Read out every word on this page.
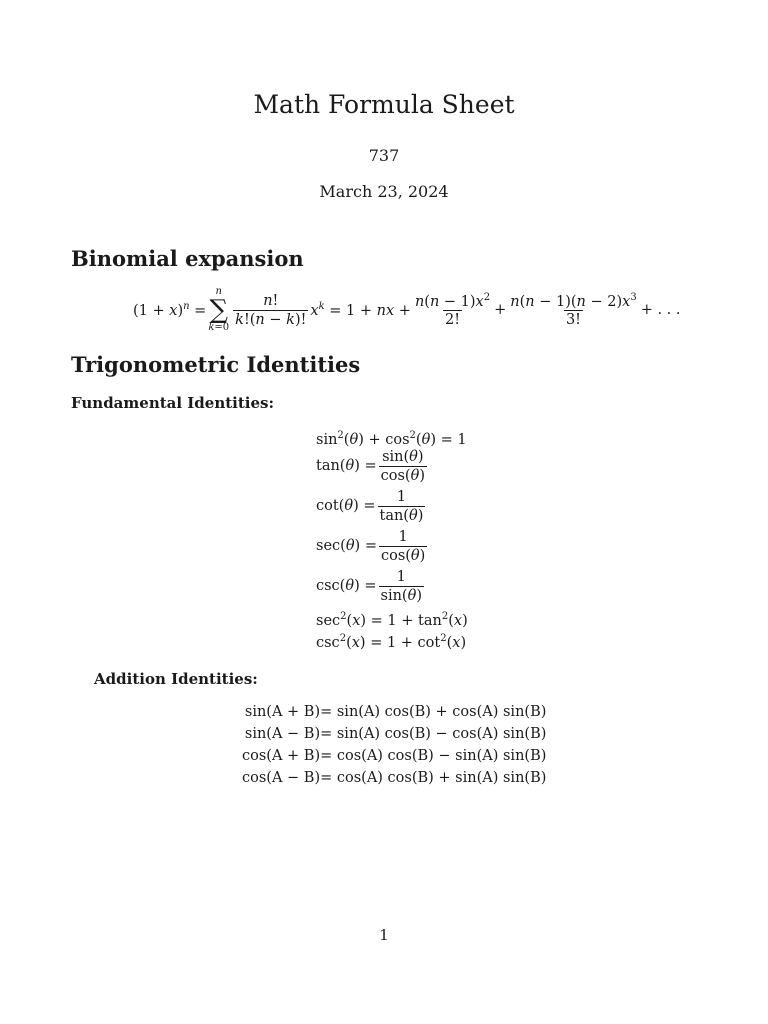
Math Formula Sheet
737
March 23, 2024
Binomial expansion
$(1 + x)^n$ =
n
∑
$k=0 \frac{n!}{k!(n - k)!} x^k = 1$ + nx + $\frac{n(n - 1)x^2}{2!} + \frac{n(n - 1)(n - 2)x^3}{3!}$ + . . .
Trigonometric Identities
Fundamental Identities:
$\sin^2(\theta) + \cos^2(\theta) = 1$
tan( θ ) = $\frac{\sin(\theta)}{\cos(\theta)}$
cot( θ ) = $\frac{1}{\tan(\theta)}$
sec( θ ) = $\frac{1}{\cos(\theta)}$
csc( θ ) = $\frac{1}{\sin(\theta)}$
$\sec^2(x) = 1 + \tan^2(x)$
$\csc^2(x) = 1 + \cot^2(x)$
Addition Identities:
sin(A + B) = sin(A) cos(B) + cos(A) sin(B)
sin(A − B) = sin(A) cos(B) − cos(A) sin(B)
cos(A + B) = cos(A) cos(B) − sin(A) sin(B)
cos(A − B) = cos(A) cos(B) + sin(A) sin(B)
1
